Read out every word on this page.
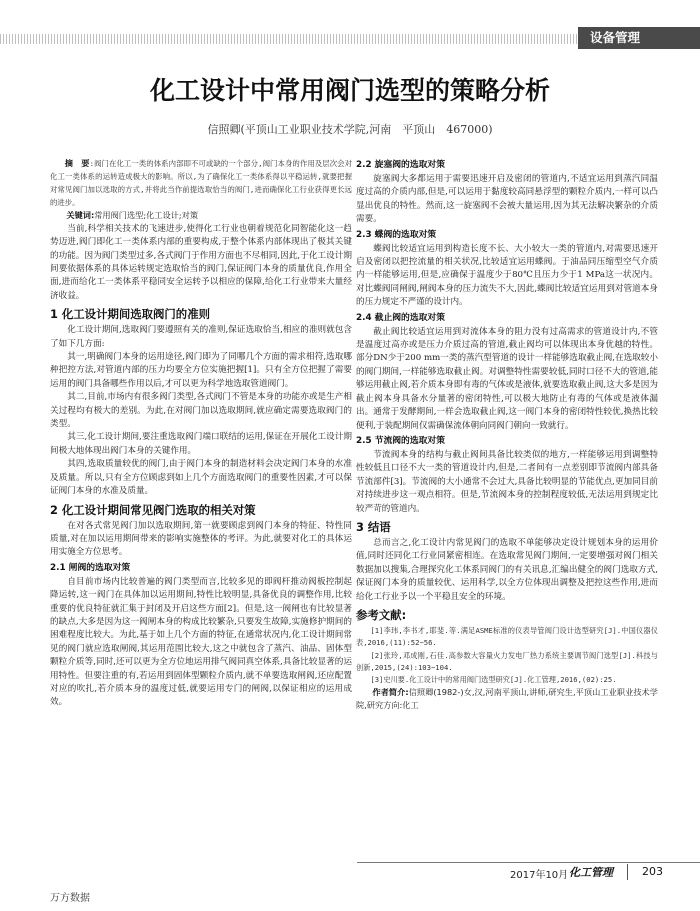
设备管理
化工设计中常用阀门选型的策略分析
信照卿(平顶山工业职业技术学院,河南　平顶山　467000)

摘　要:阀门在化工一类的体系内部即不可或缺的一个部分,阀门本身的作用及层次会对化工一类体系的运转造成极大的影响。所以,为了确保化工一类体系得以平稳运转,就要把握对常见阀门加以选取的方式,并将此当作前提选取恰当的阀门,进而确保化工行业获得更长远的进步。

关键词:常用阀门选型;化工设计;对策

当前,科学相关技术的飞速进步,使得化工行业也朝着规范化同智能化这一趋势迈进,阀门即化工一类体系内部的重要构成,于整个体系内部体现出了极其关键的功能。因为阀门类型过多,各式阀门于作用方面也不尽相同,因此,于化工设计期间要依据体系的具体运转规定选取恰当的阀门,保证阀门本身的质量优良,作用全面,进而给化工一类体系平稳同安全运转予以相应的保障,给化工行业带来大量经济收益。

1 化工设计期间选取阀门的准则

化工设计期间,选取阀门要遵照有关的准则,保证选取恰当,相应的准则就包含了如下几方面:

其一,明确阀门本身的运用途径,阀门即为了同哪几个方面的需求相符,选取哪种把控方法,对管道内部的压力均要全方位实施把握[1]。只有全方位把握了需要运用的阀门具备哪些作用以后,才可以更为科学地选取管道阀门。

其二,目前,市场内有很多阀门类型,各式阀门不管是本身的功能亦或是生产相关过程均有极大的差别。为此,在对阀门加以选取期间,就应确定需要选取阀门的类型。

其三,化工设计期间,要注重选取阀门端口联结的运用,保证在开展化工设计期间极大地体现出阀门本身的关键作用。

其四,选取质量较优的阀门,由于阀门本身的制造材料会决定阀门本身的水准及质量。所以,只有全方位顾虑到如上几个方面选取阀门的重要性因素,才可以保证阀门本身的水准及质量。

2 化工设计期间常见阀门选取的相关对策

在对各式常见阀门加以选取期间,第一就要顾虑到阀门本身的特征、特性同质量,对在加以运用期间带来的影响实施整体的考评。为此,就要对化工的具体运用实施全方位思考。

2.1 闸阀的选取对策

自目前市场内比较普遍的阀门类型而言,比较多见的即阀杆推动阀板控制起降运转,这一阀门在具体加以运用期间,特性比较明显,具备优良的调整作用,比较重要的优良特征就汇集于封闭及开启这些方面[2]。但是,这一阀闸也有比较显著的缺点,大多是因为这一阀闸本身的构成比较繁杂,只要发生故障,实施修护期间的困难程度比较大。为此,基于如上几个方面的特征,在通常状况内,化工设计期间常见的阀门就应选取闸阀,其运用范围比较大,这之中就包含了蒸汽、油品、固体型颗粒介质等,同时,还可以更为全方位地运用排气阀同真空体系,具备比较显著的运用特性。但要注重的有,若运用到固体型颗粒介质内,就不单要选取闸阀,还应配置对应的吹扎,若介质本身的温度过低,就要运用专门的闸阀,以保证相应的运用成效。

2.2 旋塞阀的选取对策

旋塞阀大多都运用于需要迅速开启及密闭的管道内,不适宜运用到蒸汽同温度过高的介质内部,但是,可以运用于黏度较高同悬浮型的颗粒介质内,一样可以凸显出优良的特性。然而,这一旋塞阀不会被大量运用,因为其无法解决繁杂的介质需要。

2.3 蝶阀的选取对策

蝶阀比较适宜运用到构造长度不长、大小较大一类的管道内,对需要迅速开启及密闭以把控流量的相关状况,比较适宜运用蝶阀。于油品同压缩型空气介质内一样能够运用,但是,应确保于温度少于80℃且压力少于1 MPa这一状况内。对比蝶阀同闸阀,闸阀本身的压力流失不大,因此,蝶阀比较适宜运用到对管道本身的压力规定不严谨的设计内。

2.4 截止阀的选取对策

截止阀比较适宜运用到对流体本身的阻力没有过高需求的管道设计内,不管是温度过高亦或是压力介质过高的管道,截止阀均可以体现出本身优越的特性。部分DN少于200 mm一类的蒸汽型管道的设计一样能够选取截止阀,在选取较小的阀门期间,一样能够选取截止阀。对调整特性需要较低,同时口径不大的管道,能够运用截止阀,若介质本身即有毒的气体或是液体,就要选取截止阀,这大多是因为截止阀本身具备水分量著的密闭特性,可以极大地防止有毒的气体或是液体漏出。通常于发酵期间,一样会选取截止阀,这一阀门本身的密闭特性较优,换热比较便利,于装配期间仅需确保流体朝向同阀门朝向一致就行。

2.5 节流阀的选取对策

节流阀本身的结构与截止阀间具备比较类似的地方,一样能够运用到调整特性较低且口径不大一类的管道设计内,但是,二者间有一点差别即节流阀内部具备节流部件[3]。节流阀的大小通常不会过大,具备比较明显的节能优点,更加同目前对持续进步这一观点相符。但是,节流阀本身的控制程度较低,无法运用到规定比较严苛的管道内。

3 结语

总而言之,化工设计内常见阀门的选取不单能够决定设计规划本身的运用价值,同时还同化工行业同紧密相连。在选取常见阀门期间,一定要增强对阀门相关数据加以搜集,合理探究化工体系同阀门的有关讯息,汇编出健全的阀门选取方式,保证阀门本身的质量较优、运用科学,以全方位体现出调整及把控这些作用,进而给化工行业予以一个平稳且安全的环境。

参考文献:

[1]李玮,李书才,耶斐.等.满足ASME标准的仪表导管阀门设计选型研究[J].中国仪器仪表,2016,(11):52−56.

[2]张玲,邓成刚,石佳.高参数大容量火力发电厂热力系统主要调节阀门选型[J].科技与创新,2015,(24):103−104.

[3]史川要.化工设计中的常用阀门选型研究[J].化工管理,2016,(02):25.

作者简介:信照卿(1982-)女,汉,河南平顶山,讲师,研究生,平顶山工业职业技术学院,研究方向:化工

2017年10月 化工管理	203
万方数据
